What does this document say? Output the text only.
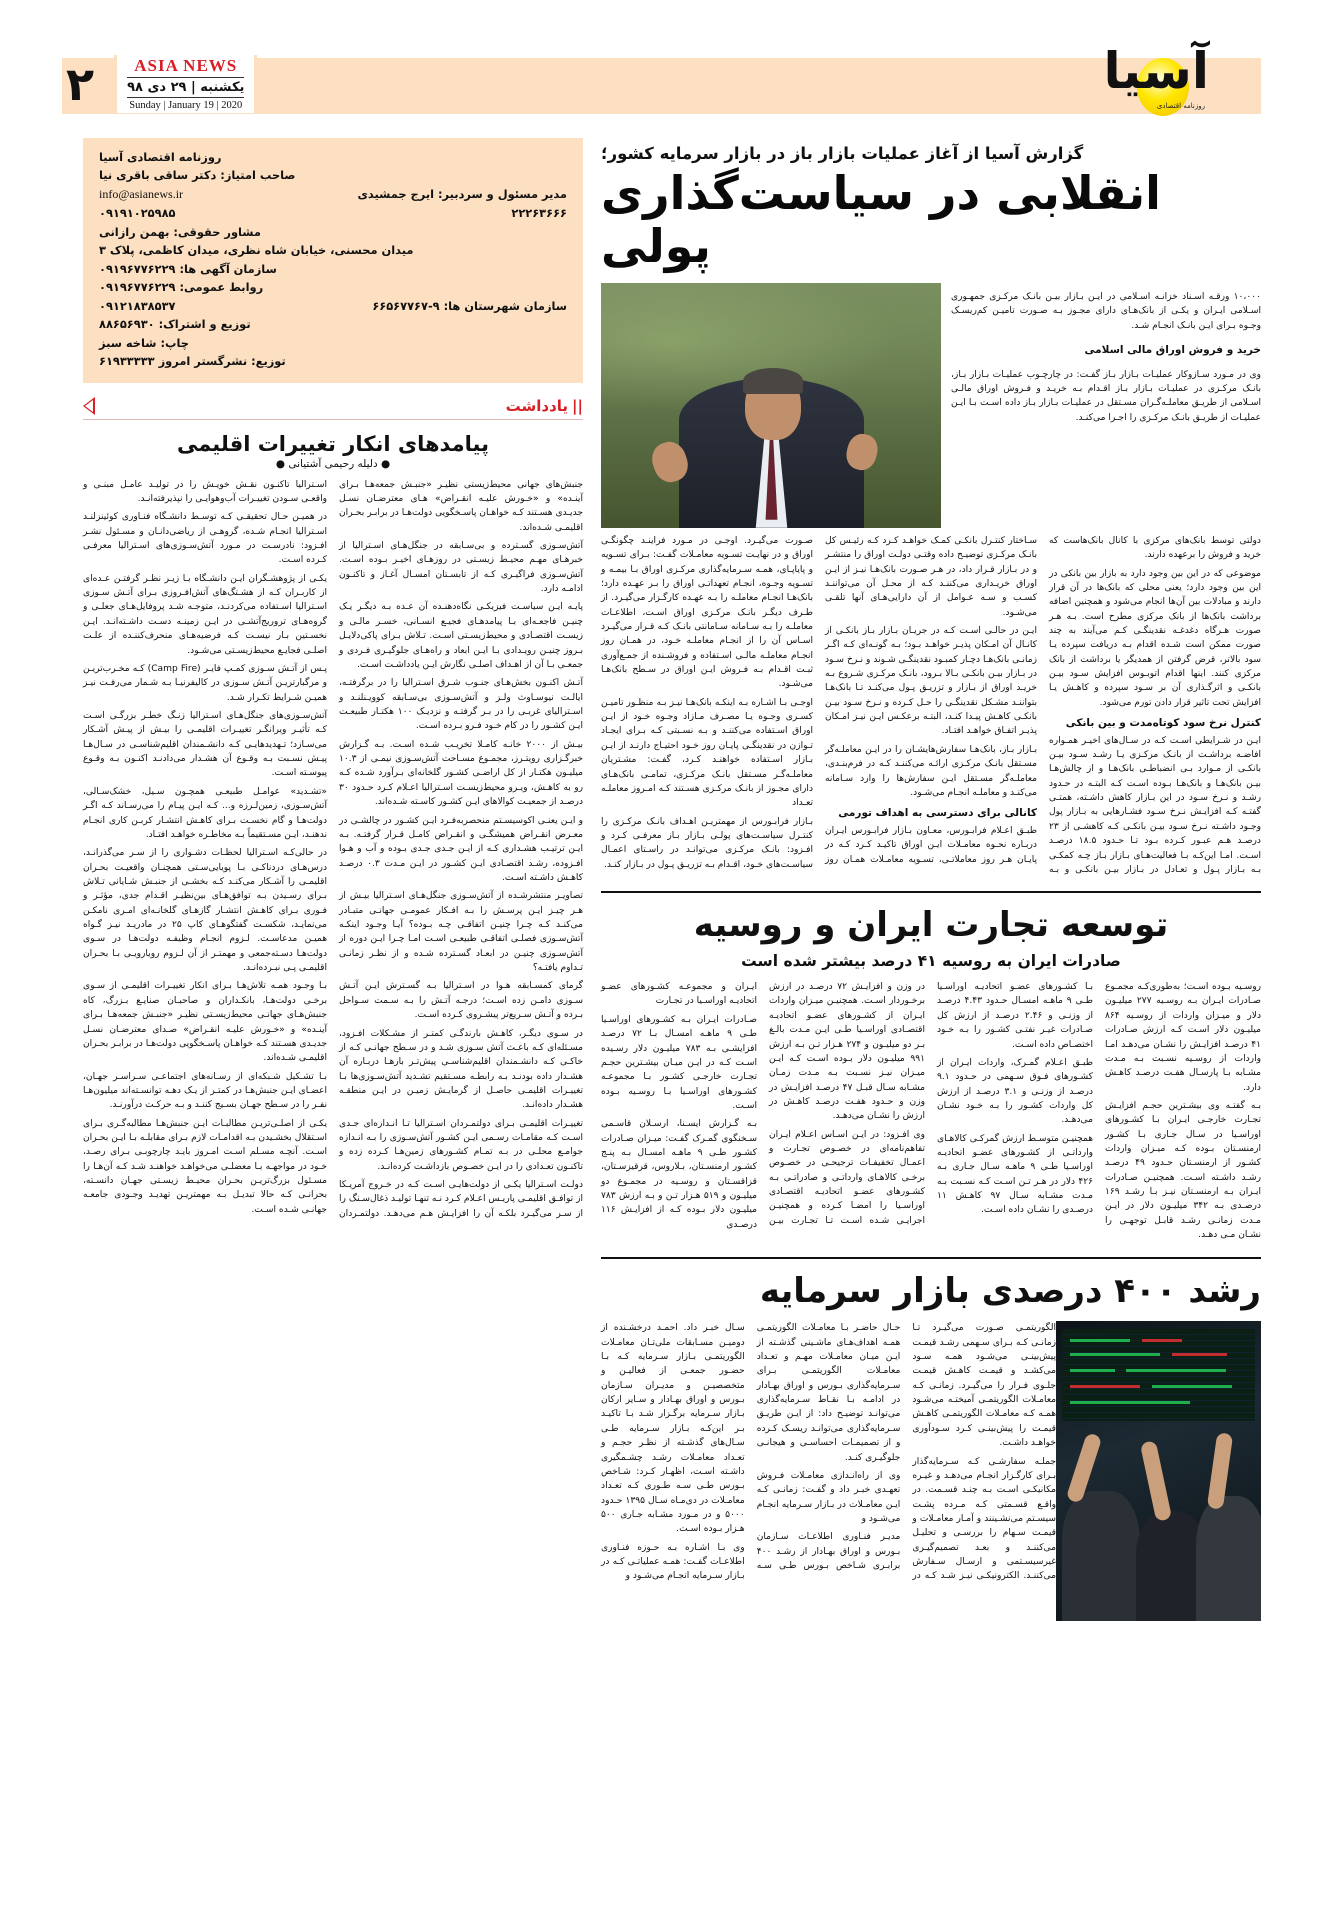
آسیا
روزنامه اقتصادی
۲	ASIA NEWS
یکشنبه | ۲۹ دی ۹۸
Sunday | January 19 | 2020
گزارش آسیا از آغاز عملیات بازار باز در بازار سرمایه کشور؛
انقلابی در سیاست‌گذاری پولی

۱۰،۰۰۰ ورقـه اسـناد خزانـه اسـلامی در ایـن بـازار بیـن بانـک مرکـزی جمهـوری اسـلامی ایـران و یکـی از بانک‌هـای دارای مجـوز بـه صـورت تامیـن کم‌ریسـک وجـوه بـرای ایـن بانـک انجـام شـد.

خرید و فروش اوراق مالی اسلامی

وی در مـورد سـازوکار عملیـات بـازار بـاز گفـت: در چارچـوب عملیـات بـازار بـاز، بانـک مرکـزی در عملیـات بـازار بـاز اقـدام بـه خریـد و فـروش اوراق مالـی اسـلامی از طریـق معاملـه‌گـران مسـتقل در عملیـات بـازار بـاز داده اسـت بـا ایـن عملیـات از طریـق بانـک مرکـزی را اجـرا می‌کنـد.

دولتی توسط بانک‌های مرکزی با کانال بانک‌هاست که خرید و فروش را برعهده دارند.

موضوعی که در این بین وجود دارد به بازار بین بانکی در این بین وجود دارد؛ یعنی محلی که بانک‌ها در آن قرار دارند و مبادلات بین آن‌ها انجام می‌شود و همچنین اضافه برداشت بانک‌ها از بانک مرکزی مطرح است. بـه هـر صورت هـرگاه دغدغـه نقدینگـی کـم می‌آیند به چند صورت ممکن است شـده اقدام بـه دریافت سپرده یـا سود بالاتر، قرض گرفتن از همدیگر یا برداشت از بانک مرکزی کنند. اینها اقدام اتوبـوس افزایش سـود بیـن بانکـی و اثرگـذاری آن بر سـود سپرده و کاهـش یـا افزایش تحت تاثیر قرار دادن تورم می‌شود.

کنترل نرخ سود کوتاه‌مدت و بین بانکی

ایـن در شـرایطی اسـت کـه در سـال‌های اخیـر همـواره افاضـه برداشـت از بانـک مرکـزی یـا رشـد سـود بیـن بانکـی از مـوارد بـی انضباطـی بانک‌هـا و از چالش‌هـا بیـن بانک‌هـا و بانک‌هـا بـوده اسـت کـه البتـه در حـدود رشـد و نـرخ سـود در این بـازار کاهش داشـته، همتـی گفتـه کـه افزایـش نـرخ سـود فشـارهایی به بـازار پول وجـود داشـته نـرخ سـود بیـن بانکـی کـه کاهشـی از ۲۳ درصـد هـم عبـور کـرده بـود تـا حـدود ۱۸.۵ درصـد اسـت. امـا این‌کـه بـا فعالیت‌هـای بـازار بـاز چـه کمکـی بـه بـازار پـول و تعـادل در بـازار بیـن بانکـی و بـه سـاختار کنتـرل بانکـی کمـک خواهـد کـرد کـه رئیـس کل بانـک مرکـزی توضیـح داده وقتـی دولـت اوراق را منتشـر و در بـازار قـرار داد، در هـر صـورت بانک‌هـا نیـز از ایـن اوراق خریـداری می‌کننـد کـه از محـل آن می‌تواننـد کسـب و سـه عـوامل از آن دارایی‌هـای آنها تلقـی می‌شـود.

ایـن در حالـی اسـت کـه در جریـان بـازار بـاز بانکـی از کانـال آن امـکان پذیـر خواهـد بـود؛ بـه گونـه‌ای کـه اگـر زمانـی بانک‌هـا دچـار کمبـود نقدینگـی شـوند و نـرخ سـود در بـازار بیـن بانکـی بـالا بـرود، بانـک مرکـزی شـروع بـه خریـد اوراق از بـازار و تزریـق پـول می‌کنـد تـا بانک‌هـا بتواننـد مشـکل نقدینگـی را حـل کـرده و نـرخ سـود بیـن بانکـی کاهـش پیـدا کنـد، البتـه برعکـس ایـن نیـز امـکان پذیـر اتفـاق خواهـد افتـاد.

بـازار بـاز، بانک‌هـا سفارش‌هایشـان را در ایـن معاملـه‌گر مسـتقل بانـک مرکـزی ارائـه می‌کننـد کـه در فرم‌بنـدی، معاملـه‌گر مسـتقل ایـن سفارش‌ها را وارد سـامانه می‌کنـد و معاملـه انجـام می‌شـود.

کانالی برای دسترسی به اهداف تورمی

طبـق اعـلام فرابـورس، معـاون بـازار فرابـورس ایـران دربـاره نحـوه معامـلات ایـن اوراق تاکیـد کـرد کـه در پایـان هـر روز معاملاتـی، تسـویه معامـلات همـان روز صـورت می‌گیـرد. اوجـی در مـورد فراینـد چگونگـی اوراق و در نهایـت تسـویه معامـلات گفـت: بـرای تسـویه و پایاپـای، همـه سـرمایه‌گذاری مرکـزی اوراق بـا بیمـه و تسـویه وجـوه، انجـام تعهداتـی اوراق را بـر عهـده دارد؛ بانک‌هـا انجـام معاملـه را بـه عهـده کارگـزار می‌گیـرد. از طـرف دیگـر بانـک مرکـزی اوراق اسـت، اطلاعـات معاملـه را بـه سـامانه سـامانتی بانـک کـه قـرار می‌گیـرد اسـاس آن را از انجـام معاملـه خـود، در همـان روز انجـام معاملـه مالـی اسـتفاده و فروشـنده از جمـع‌آوری ثبـت اقـدام بـه فـروش ایـن اوراق در سـطح بانک‌هـا می‌شـود.

اوجـی بـا اشـاره بـه اینکـه بانک‌هـا نیـز بـه منظـور تامیـن کسـری وجـوه یـا مصـرف مـازاد وجـوه خـود از ایـن اوراق اسـتفاده می‌کننـد و بـه نسـبتی کـه بـرای ایجـاد تـوازن در نقدینگـی پایـان روز خـود احتیـاج دارنـد از ایـن بـازار اسـتفاده خواهنـد کـرد، گفـت: مشـتریان معاملـه‌گـر مسـتقل بانـک مرکـزی، تمامـی بانک‌هـای دارای مجـوز از بانـک مرکـزی هسـتند کـه امـروز معاملـه تعـداد

بـازار فرابـورس از مهمتریـن اهـداف بانـک مرکـزی را کنتـرل سیاسـت‌های پولـی بـازار بـاز معرفـی کـرد و افـزود: بانـک مرکـزی می‌توانـد در راسـتای اعمـال سیاسـت‌های خـود، اقـدام بـه تزریـق پـول در بـازار کنـد.

توسعه تجارت ایران و روسیه
صادرات ایران به روسیه ۴۱ درصد بیشتر شده است

روسـیه بـوده اسـت؛ به‌طوری‌کـه مجمـوع صـادرات ایـران بـه روسـیه ۲۷۷ میلیـون دلار و میـزان واردات از روسـیه ۸۶۴ میلیـون دلار اسـت کـه ارزش صـادرات ۴۱ درصـد افزایـش را نشـان می‌دهـد امـا واردات از روسـیه نسـبت بـه مـدت مشـابه بـا پارسـال هفـت درصـد کاهـش دارد.

بـه گفتـه وی بیشـترین حجـم افزایـش تجـارت خارجـی ایـران بـا کشـورهای اوراسـیا در سـال جـاری بـا کشـور ارمنسـتان بـوده کـه میـزان واردات کشـور از ارمنسـتان حـدود ۴۹ درصـد رشـد داشـته اسـت. همچنیـن صـادرات ایـران بـه ارمنسـتان نیـز بـا رشـد ۱۶۹ درصـدی بـه ۳۴۲ میلیـون دلار در ایـن مـدت زمانـی رشـد قابـل توجهـی را نشـان مـی دهـد.

بـا کشـورهای عضـو اتحادیـه اوراسـیا طـی ۹ ماهـه امسـال حـدود ۴.۴۳ درصـد از وزنـی و ۲.۴۶ درصـد از ارزش کل صـادرات غیـر نفتـی کشـور را بـه خـود اختصـاص داده اسـت.

طبـق اعـلام گمـرک، واردات ایـران از کشـورهای فـوق سـهمی در حـدود ۹.۱ درصـد از وزنـی و ۳.۱ درصـد از ارزش کل واردات کشـور را بـه خـود نشـان می‌دهـد.

همچنیـن متوسـط ارزش گمرکـی کالاهـای وارداتـی از کشـورهای عضـو اتحادیـه اوراسـیا طـی ۹ ماهـه سـال جـاری بـه ۴۲۶ دلار در هـر تـن اسـت کـه نسـبت بـه مـدت مشـابه سـال ۹۷ کاهـش ۱۱ درصـدی را نشـان داده اسـت.

در وزن و افزایـش ۷۲ درصـد در ارزش برخـوردار اسـت. همچنیـن میـزان واردات ایـران از کشـورهای عضـو اتحادیـه اقتصـادی اوراسـیا طـی ایـن مـدت بالـغ بـر دو میلیـون و ۲۷۴ هـزار تـن بـه ارزش ۹۹۱ میلیـون دلار بـوده اسـت کـه ایـن میـزان نیـز نسـبت بـه مـدت زمـان مشـابه سـال قبـل ۴۷ درصـد افزایـش در وزن و حـدود هفـت درصـد کاهـش در ارزش را نشـان می‌دهـد.

وی افـزود: در ایـن اسـاس اعـلام ایـران تفاهم‌نامه‌ای در خصـوص تجـارت و اعمـال تخفیفـات ترجیحـی در خصـوص برخـی کالاهـای وارداتـی و صادراتـی بـه کشـورهای عضـو اتحادیـه اقتصـادی اوراسـیا را امضـا کـرده و همچنیـن اجرایـی شـده اسـت تـا تجـارت بیـن ایـران و مجموعـه کشـورهای عضـو اتحادیـه اوراسـیا در تجـارت

صـادرات ایـران بـه کشـورهای اوراسـیا طـی ۹ ماهـه امسـال بـا ۷۲ درصـد افزایشـی بـه ۷۸۳ میلیـون دلار رسـیده اسـت کـه در ایـن میـان بیشـترین حجـم تجـارت خارجـی کشـور بـا مجموعـه کشـورهای اوراسـیا بـا روسـیه بـوده اسـت.

بـه گـزارش ایسـنا، ارسـلان قاسـمی سـخنگوی گمـرک گفـت: میـزان صـادرات کشـور طـی ۹ ماهـه امسـال بـه پنـج کشـور ارمنسـتان، بـلاروس، قرقیزسـتان، قزاقسـتان و روسـیه در مجمـوع دو میلیـون و ۵۱۹ هـزار تـن و بـه ارزش ۷۸۳ میلیـون دلار بـوده کـه از افزایـش ۱۱۶ درصـدی

رشد ۴۰۰ درصدی بازار سرمایه

الگوریتمـی صـورت می‌گیـرد تـا زمانـی کـه بـرای سـهمی رشـد قیمـت پیش‌بینـی می‌شـود همـه سـود می‌کشـد و قیمـت کاهـش قیمـت جلـوی فـرار را می‌گیـرد. زمانـی کـه معامـلات الگوریتمـی آمیختـه می‌شـود همـه کـه معامـلات الگوریتمـی کاهـش قیمـت را پیش‌بینـی کـرد سـودآوری خواهـد داشـت.

جملـه سفارشـی کـه سـرمایه‌گذار بـرای کارگـزار انجـام می‌دهـد و غیـره مکانیکـی اسـت بـه چنـد قسـمت. در واقـع قسـمتی کـه مـرده پشـت سیسـتم می‌نشـینند و آمـار معامـلات و قیمـت سـهام را بررسـی و تحلیـل می‌کننـد و بعـد تصمیم‌گیـری غیرسیسـتمی و ارسـال سـفارش می‌کننـد. الکترونیکـی نیـز شـد کـه در حـال حاضـر بـا معامـلات الگوریتمـی همـه اهداف‌هـای ماشـینی گذشـته از ایـن میـان معامـلات مهـم و تعـداد معامـلات الگوریتمـی بـرای سـرمایه‌گذاری بـورس و اوراق بهـادار در ادامـه بـا نقـاط سـرمایه‌گذاری می‌توانـد توضیـح داد: از ایـن طریـق سـرمایه‌گذاری می‌توانـد ریسـک کـرده و از تصمیمـات احساسـی و هیجانـی جلوگیـری کنـد.

وی از راه‌انـدازی معامـلات فـروش تعهـدی خبـر داد و گفـت: زمانـی کـه ایـن معامـلات در بـازار سـرمایه انجـام می‌شـود و

مدیـر فنـاوری اطلاعـات سـازمان بـورس و اوراق بهـادار از رشـد ۴۰۰ برابـری شـاخص بـورس طـی سـه سـال خبـر داد. احمـد درخشـنده از دومیـن مسـابقات ملی‌تـان معامـلات الگوریتمـی بـازار سـرمایه کـه بـا حضـور جمعـی از فعالیـن و متخصصیـن و مدیـران سـازمان بـورس و اوراق بهـادار و سـایر ارکان بـازار سـرمایه برگـزار شـد بـا تاکیـد بـر این‌کـه بـازار سـرمایه طـی سـال‌های گذشـته از نظـر حجـم و تعـداد معامـلات رشـد چشـمگیری داشـته اسـت، اظهـار کـرد: شـاخص بـورس طـی سـه طـوری کـه تعـداد معامـلات در دی‌مـاه سـال ۱۳۹۵ حـدود ۵۰۰۰ و در مـورد مشـابه جـاری ۵۰۰ هـزار بـوده اسـت.

وی بـا اشـاره بـه حـوزه فنـاوری اطلاعـات گفـت: همـه عملیاتـی کـه در بـازار سـرمایه انجـام می‌شـود و

روزنامه اقتصادی آسیا
صاحب امتیاز: دکتر ساقی باقری نیا
info@asianews.ir	مدیر مسئول و سردبیر: ایرج جمشیدی
۰۹۱۹۱۰۲۵۹۸۵	۲۲۲۶۳۶۶۶
مشاور حقوقی: بهمن رازانی
میدان محسنی، خیابان شاه نظری، میدان کاظمی، پلاک ۳
سازمان آگهی ها: ۰۹۱۹۶۷۷۶۲۲۹
روابط عمومی: ۰۹۱۹۶۷۷۶۲۲۹
۰۹۱۲۱۸۳۸۵۳۷	سازمان شهرستان ها: ۹-۶۶۵۶۷۷۶۷
توزیع و اشتراک: ۸۸۶۵۶۹۳۰
چاپ: شاخه سبز
توزیع: نشرگستر امروز ۶۱۹۳۳۳۳۳
||
یادداشت
پیامدهای انکار تغییرات اقلیمی
● دلیله رحیمی آشتیانی ●

جنبش‌های جهانی محیط‌زیستی نظیـر «جنبـش جمعه‌هـا بـرای آینـده» و «خـورش علیـه انقـراض» هـای معترضـان نسـل جدیـدی هسـتند کـه خواهـان پاسـخگویی دولت‌هـا در برابـر بحـران اقلیمـی شـده‌اند.

آتش‌سـوزی گسـترده و بی‌سـابقه در جنگل‌هـای اسـترالیا از خبرهـای مهـم محیـط زیسـتی در روزهـای اخیـر بـوده اسـت. آتش‌سـوزی فراگیـری کـه از تابسـتان امسـال آغـاز و تاکنـون ادامـه دارد.

پایـه ایـن سیاسـت فیزیکـی نگاه‌دهنـده آن عـده بـه دیگـر یـک چنیـن فاجعـه‌ای بـا پیامدهـای فجیـع انسـانی، خسـر مالـی و زیسـت اقتصـادی و محیط‌زیسـتی اسـت. تـلاش بـرای پاکی‌دلایـل بـروز چنیـن رویـدادی بـا ایـن ابعاد و راه‌هـای جلوگیـری فـردی و جمعـی بـا آن از اهـداف اصلـی نگارش ایـن یادداشـت اسـت.

آتـش اکنـون بخش‌هـای جنـوب شـرق اسـترالیا را در برگرفتـه، ایالـت نیوسـاوث ولـز و آتش‌سـوزی بی‌سـابقه کوویـنلنـد و اسـترالیای غربـی را در بـر گرفتـه و نزدیـک ۱۰۰ هکتـار طبیعـت ایـن کشـور را در کام خـود فـرو بـرده اسـت.

بیـش از ۲۰۰۰ خانـه کامـلا تخریـب شـده اسـت. بـه گـزارش خبرگـزاری رویتـرز، مجمـوع مسـاحت آتش‌سـوزی نیمـی از ۱۰.۳ میلیـون هکتـار از کل اراضـی کشـور گلخانه‌ای بـرآورد شـده کـه رو به کاهـش، ویـرو محیط‌زیسـت اسـترالیا اعـلام کـرد حـدود ۳۰ درصـد از جمعیـت کوالاهای ایـن کشـور کاسـته شـده‌اند.

و ایـن یعنـی اکوسیسـتم منحصربه‌فـرد ایـن کشـور در چالشـی در معـرض انقـراض همیشگـی و انقـراض کامـل قـرار گرفتـه. بـه ایـن ترتیـب هشـداری کـه از ایـن جـدی جـدی بـوده و آب و هـوا افـزوده، رشـد اقتصـادی ایـن کشـور در ایـن مـدت ۰.۳ درصـد کاهـش داشـته اسـت.

تصاویـر منتشرشـده از آتش‌سـوزی جنگل‌هـای اسـترالیا بیـش از هـر چیـز ایـن پرسـش را بـه افـکار عمومـی جهانـی متبـادر می‌کنـد کـه چـرا چنیـن اتفاقـی چـه بـوده؟ آیـا وجـود اینکـه آتش‌سـوزی فصلـی اتفاقـی طبیعـی اسـت امـا چـرا ایـن دوره از آتش‌سـوزی چنیـن در ابعـاد گسـترده شـده و از نظـر زمانـی تـداوم یافتـه؟

گرمای کمسـابقه هـوا در اسـترالیا بـه گسـترش ایـن آتـش سـوزی دامـن زده اسـت؛ درجـه آتـش را بـه سـمت سـواحل بـرده و آتـش سـریع‌تر پیشـروی کـرده اسـت.

در سـوی دیگـر، کاهـش بارندگـی کمتـر از مشـکلات افـزود، مسـئله‌ای کـه باعـث آتش سـوزی شـد و در سـطح جهانـی کـه از خاکـی کـه دانشـمندان اقلیم‌شناسـی پیش‌تـر بارهـا دربـاره آن هشـدار داده بودنـد بـه رابطـه مسـتقیم تشـدید آتش‌سـوزی‌ها بـا تغییـرات اقلیمـی حاصـل از گرمایـش زمیـن در ایـن منطقـه هشـدار داده‌انـد.

تغییـرات اقلیمـی بـرای دولتمـردان اسـترالیا تـا انـدازه‌ای جـدی اسـت کـه مقامـات رسـمی ایـن کشـور آتش‌سـوزی را بـه انـدازه جوامـع محلـی در بـه تمـام کشـورهای زمین‌هـا کـرده زده و تاکنـون تعـدادی را در ایـن خصـوص بازداشـت کرده‌انـد.

دولـت اسـترالیا یکـی از دولت‌هایـی اسـت کـه در خـروج آمریـکا از توافـق اقلیمـی پاریـس اعـلام کـرد نـه تنهـا تولیـد ذغال‌سـنگ را از سـر می‌گیـرد بلکـه آن را افزایـش هـم می‌دهـد. دولتمـردان اسـترالیا تاکنـون نقـش خویـش را در تولیـد عامـل مبنـی و واقعـی سـودن تغییـرات آب‌وهوایـی را نپذیرفته‌انـد.

در همیـن حـال تحقیقـی کـه توسـط دانشـگاه فنـاوری کوئینزلنـد اسـترالیا انجـام شـده، گروهـی از ریاضی‌دانـان و مسـئول نشـر افـزود: نادرسـت در مـورد آتش‌سـوزی‌های اسـترالیا معرفـی کـرده اسـت.

یکـی از پژوهشـگران ایـن دانشـگاه بـا زیـر نظـر گرفتـن عـده‌ای از کاربـران کـه از هشـتگ‌های آتش‌افـروزی بـرای آتـش سـوزی اسـترالیا اسـتفاده می‌کردنـد، متوجـه شـد پروفایل‌هـای جعلـی و گروه‌هـای تروریج‌آتشـی در ایـن زمینـه دسـت داشـته‌انـد. ایـن نخسـتین بـار نیسـت کـه فرضیه‌هـای منحرف‌کننـده از علـت اصلـی فجایـع محیط‌زیسـتی می‌شـود.

پـس از آتـش سـوزی کمـپ فایـر (Camp Fire) کـه مخـرب‌تریـن و مرگبارتریـن آتـش سـوزی در کالیفرنیـا بـه شـمار می‌رفـت نیـز همیـن شـرایط تکـرار شـد.

آتش‌سـوزی‌های جنگل‌هـای اسـترالیا زنـگ خطـر بزرگـی اسـت کـه تأثیـر ویرانگـر تغییـرات اقلیمـی را بیـش از پیـش آشـکار می‌سـازد؛ تـهدیدهایـی کـه دانشـمندان اقلیم‌شناسـی در سـال‌هـا پیـش نسـبت بـه وقـوع آن هشـدار می‌دادنـد اکنـون بـه وقـوع پیوسـته اسـت.

«تشـدید» عوامـل طبیعـی همچـون سـیل، خشک‌سـالی، آتش‌سـوزی، زمین‌لـرزه و... کـه ایـن پیـام را می‌رسـاند کـه اگـر دولت‌هـا و گام نخسـت بـرای کاهـش انتشـار کربـن کاری انجـام ندهنـد، ایـن مسـتقیماً بـه مخاطـره خواهـد افتـاد.

در حالی‌کـه اسـترالیا لحظـات دشـواری را از سـر می‌گذرانـد، درس‌هـای دردناکـی بـا پویایی‌سـتی همچنـان واقعیـت بحـران اقلیمـی را آشـکار می‌کنـد کـه بخشـی از جنبـش شـایانی تـلاش بـرای رسـیدن بـه توافق‌هـای بین‌نظیـر اقـدام جدی، مؤثـر و فـوری بـرای کاهـش انتشـار گازهـای گلخانـه‌ای امـری نامکـن می‌نمایـد، شکسـت گفتگوهـای کاپ ۲۵ در مادریـد نیـز گـواه همیـن مدعاسـت. لـزوم انجـام وظیفـه دولت‌هـا در سـوی دولت‌هـا دسـته‌جمعی و مهمتـر از آن لـزوم رویارویـی بـا بحـران اقلیمـی پـی نبـرده‌انـد.

بـا وجـود همـه تلاش‌هـا بـرای انکار تغییـرات اقلیمـی از سـوی برخـی دولت‌هـا، بانکـداران و صاحبـان صنایـع بـزرگ، کاه جنبش‌هـای جهانـی محیط‌زیسـتی نظیـر «جنبـش جمعه‌هـا بـرای آینـده» و «خـورش علیـه انقـراض» صـدای معترضـان نسـل جدیـدی هسـتند کـه خواهـان پاسـخگویی دولت‌هـا در برابـر بحـران اقلیمـی شـده‌اند.

بـا تشـکیل شـبکه‌ای از رسـانه‌های اجتماعـی سـراسـر جهـان، اعضـای ایـن جنبش‌هـا در کمتـر از یـک دهـه توانسـته‌اند میلیون‌هـا نفـر را در سـطح جهـان بسـیج کننـد و بـه حرکـت درآورنـد.

یکـی از اصلـی‌تریـن مطالبـات ایـن جنبش‌هـا مطالبه‌گـری بـرای اسـتقلال بخشـیدن بـه اقدامـات لازم بـرای مقابلـه بـا ایـن بحـران اسـت. آنچـه مسـلم اسـت امـروز بایـد چارچوبـی بـرای رصـد، خـود در مواجهـه بـا معضلـی می‌خواهـد خواهنـد شـد کـه آن‌هـا را مسـئول بزرگ‌تریـن بحـران محیـط زیسـتی جهـان دانسـته، بحرانـی کـه حالا تبدیـل بـه مهمتریـن تهدیـد وجـودی جامعـه جهانـی شـده اسـت.
